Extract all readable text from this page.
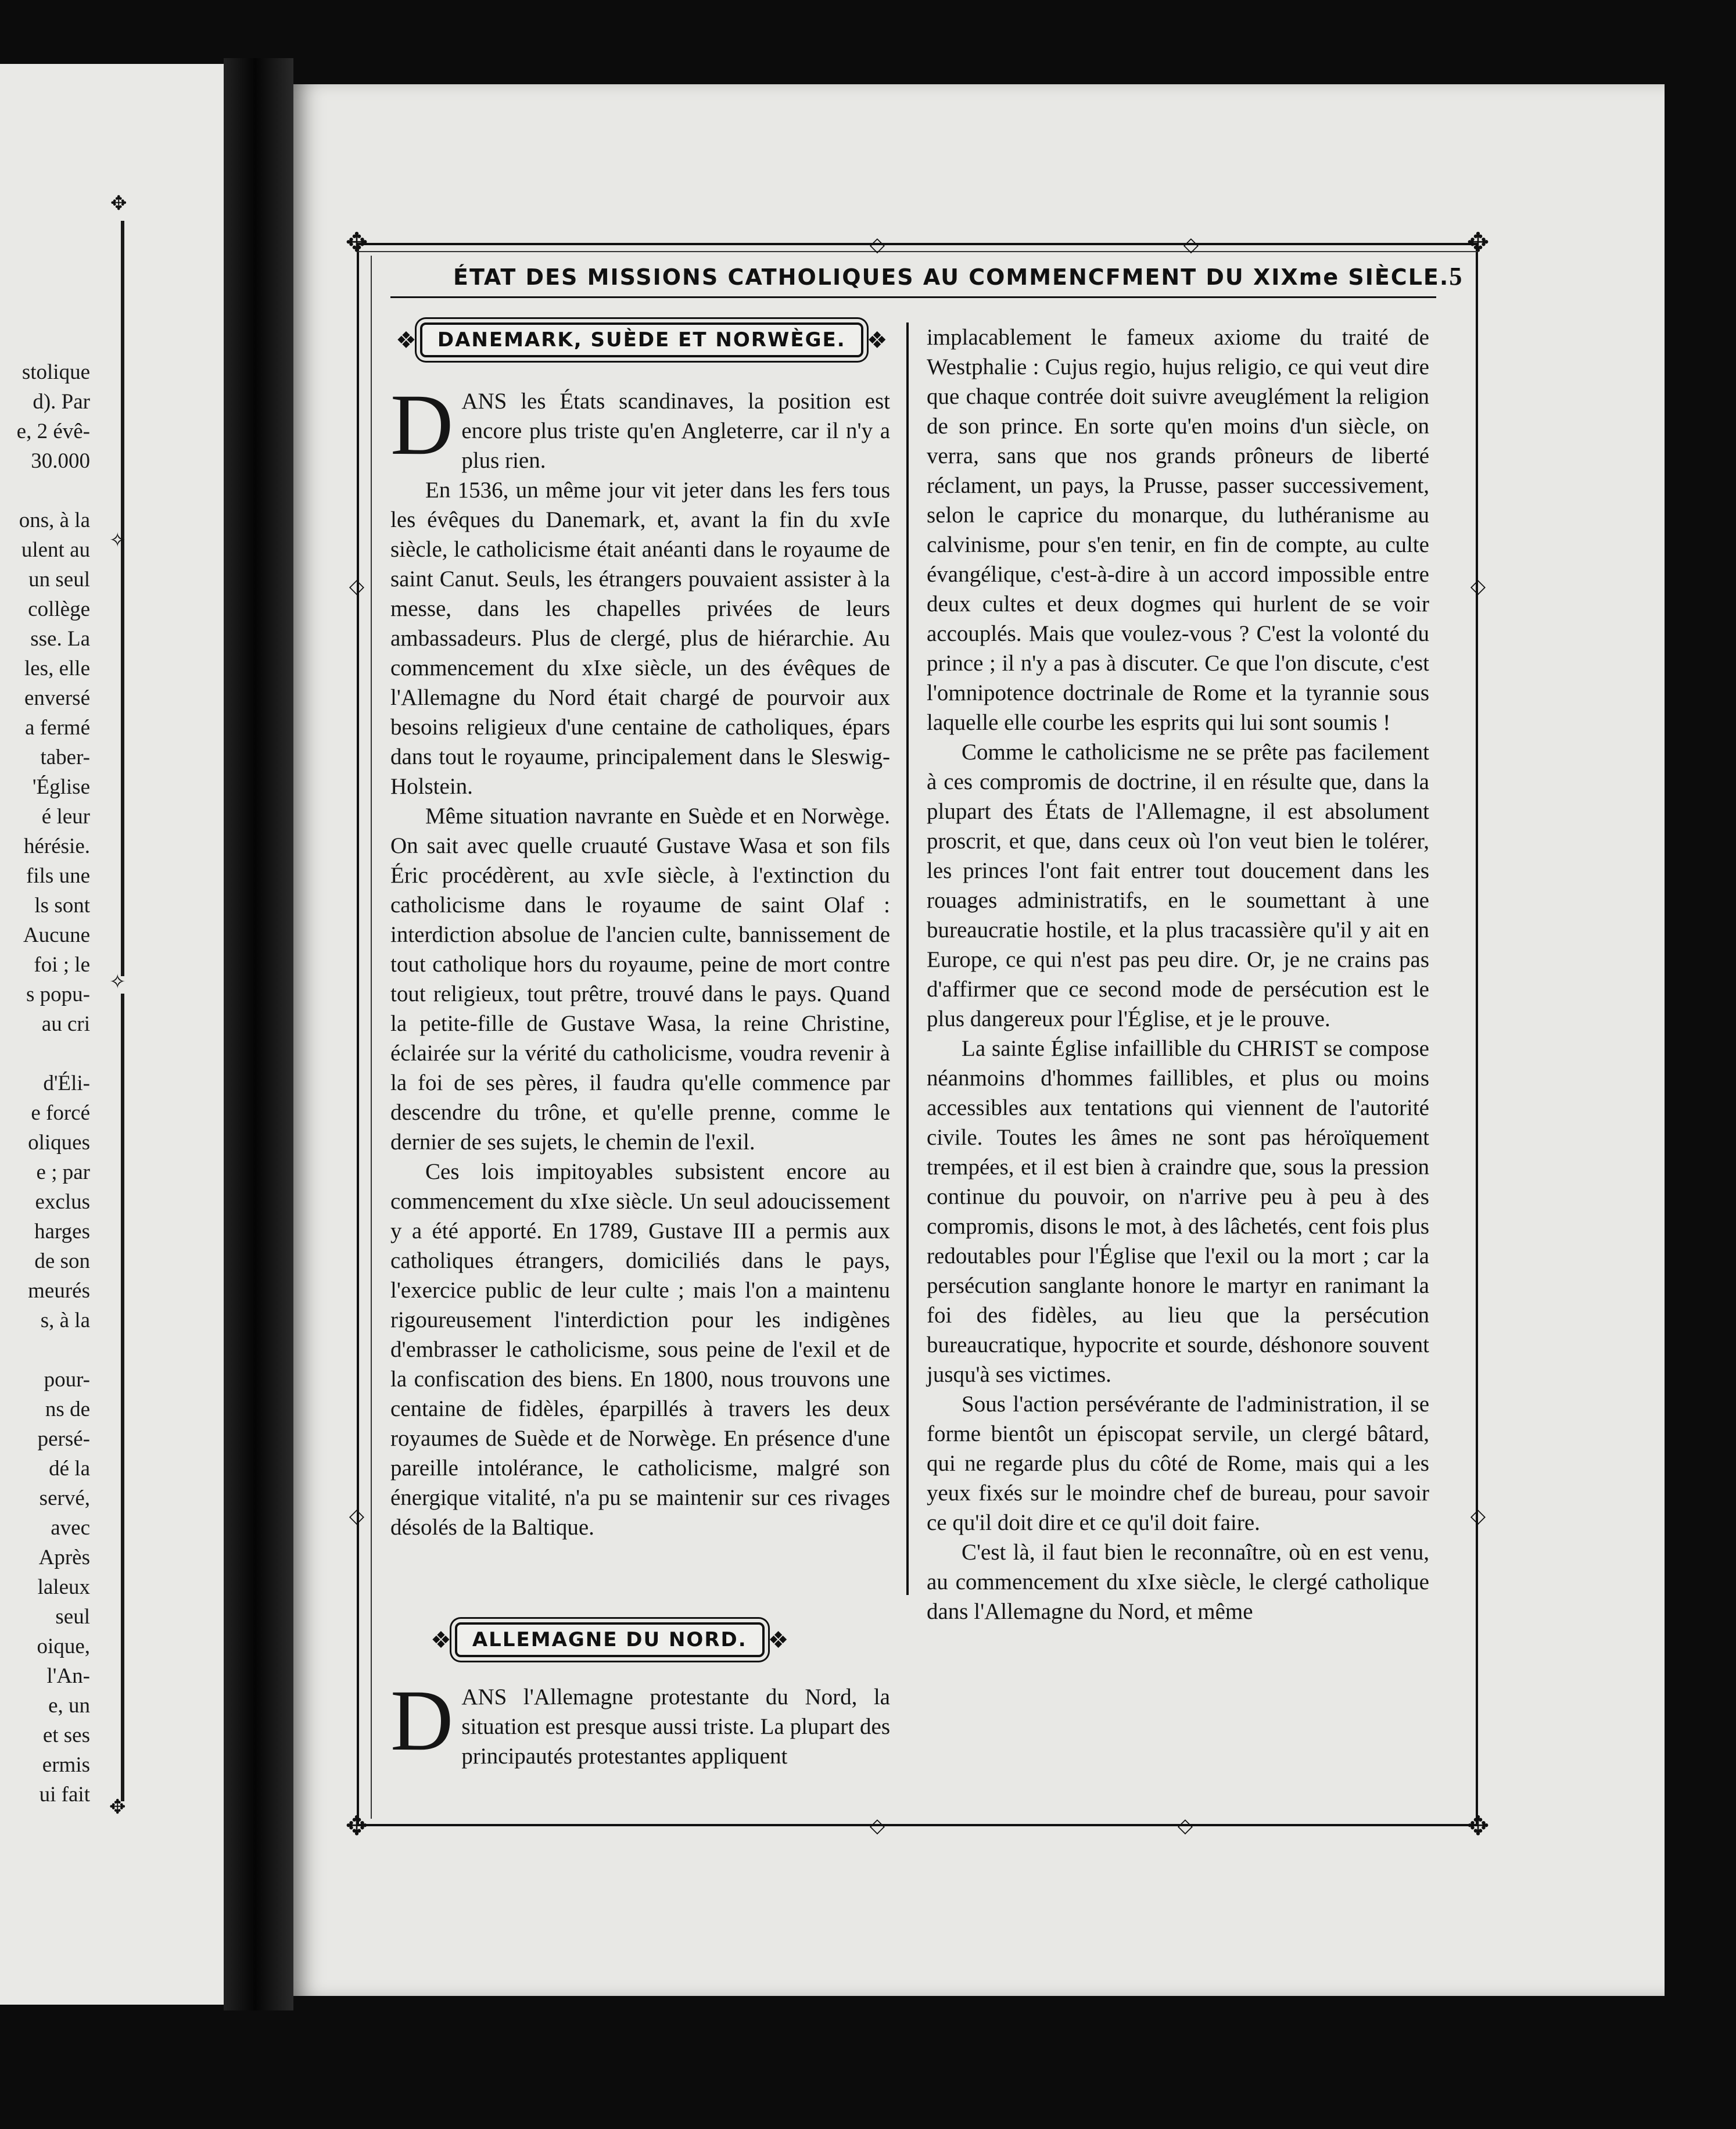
stolique
d). Par
e, 2 évê-
30.000
ons, à la
ulent au
un seul
collège
sse. La
les, elle
enversé
a fermé
taber-
'Église
é leur
hérésie.
fils une
ls sont
Aucune
foi ; le
s popu-
au cri
d'Éli-
e forcé
oliques
e ; par
exclus
harges
de son
meurés
s, à la
pour-
ns de
persé-
dé la
servé,
avec
Après
laleux
seul
oique,
l'An-
e, un
et ses
ermis
ui fait
✥
✧
✧
✥
✥	✥
✥	✥
◇	◇
◇	◇
◇
◇
◇
◇
ÉTAT DES MISSIONS CATHOLIQUES AU COMMENCFMENT DU XIXme SIÈCLE. 5
❖	DANEMARK, SUÈDE ET NORWÈGE. ❖

DANS les États scandinaves, la position est encore plus triste qu'en Angleterre, car il n'y a plus rien.

En 1536, un même jour vit jeter dans les fers tous les évêques du Danemark, et, avant la fin du xvIe siècle, le catholicisme était anéanti dans le royaume de saint Canut. Seuls, les étrangers pouvaient assister à la messe, dans les chapelles privées de leurs ambassadeurs. Plus de clergé, plus de hiérarchie. Au commencement du xIxe siècle, un des évêques de l'Allemagne du Nord était chargé de pourvoir aux besoins religieux d'une centaine de catholiques, épars dans tout le royaume, principalement dans le Sleswig-Holstein.

Même situation navrante en Suède et en Norwège. On sait avec quelle cruauté Gustave Wasa et son fils Éric procédèrent, au xvIe siècle, à l'extinction du catholicisme dans le royaume de saint Olaf : interdiction absolue de l'ancien culte, bannissement de tout catholique hors du royaume, peine de mort contre tout religieux, tout prêtre, trouvé dans le pays. Quand la petite-fille de Gustave Wasa, la reine Christine, éclairée sur la vérité du catholicisme, voudra revenir à la foi de ses pères, il faudra qu'elle commence par descendre du trône, et qu'elle prenne, comme le dernier de ses sujets, le chemin de l'exil.

Ces lois impitoyables subsistent encore au commencement du xIxe siècle. Un seul adoucissement y a été apporté. En 1789, Gustave III a permis aux catholiques étrangers, domiciliés dans le pays, l'exercice public de leur culte ; mais l'on a maintenu rigoureusement l'interdiction pour les indigènes d'embrasser le catholicisme, sous peine de l'exil et de la confiscation des biens. En 1800, nous trouvons une centaine de fidèles, éparpillés à travers les deux royaumes de Suède et de Norwège. En présence d'une pareille intolérance, le catholicisme, malgré son énergique vitalité, n'a pu se maintenir sur ces rivages désolés de la Baltique.

❖	ALLEMAGNE DU NORD. ❖

DANS l'Allemagne protestante du Nord, la situation est presque aussi triste. La plupart des principautés protestantes appliquent

implacablement le fameux axiome du traité de Westphalie : Cujus regio, hujus religio, ce qui veut dire que chaque contrée doit suivre aveuglément la religion de son prince. En sorte qu'en moins d'un siècle, on verra, sans que nos grands prôneurs de liberté réclament, un pays, la Prusse, passer successivement, selon le caprice du monarque, du luthéranisme au calvinisme, pour s'en tenir, en fin de compte, au culte évangélique, c'est-à-dire à un accord impossible entre deux cultes et deux dogmes qui hurlent de se voir accouplés. Mais que voulez-vous ? C'est la volonté du prince ; il n'y a pas à discuter. Ce que l'on discute, c'est l'omnipotence doctrinale de Rome et la tyrannie sous laquelle elle courbe les esprits qui lui sont soumis !

Comme le catholicisme ne se prête pas facilement à ces compromis de doctrine, il en résulte que, dans la plupart des États de l'Allemagne, il est absolument proscrit, et que, dans ceux où l'on veut bien le tolérer, les princes l'ont fait entrer tout doucement dans les rouages administratifs, en le soumettant à une bureaucratie hostile, et la plus tracassière qu'il y ait en Europe, ce qui n'est pas peu dire. Or, je ne crains pas d'affirmer que ce second mode de persécution est le plus dangereux pour l'Église, et je le prouve.

La sainte Église infaillible du CHRIST se compose néanmoins d'hommes faillibles, et plus ou moins accessibles aux tentations qui viennent de l'autorité civile. Toutes les âmes ne sont pas héroïquement trempées, et il est bien à craindre que, sous la pression continue du pouvoir, on n'arrive peu à peu à des compromis, disons le mot, à des lâchetés, cent fois plus redoutables pour l'Église que l'exil ou la mort ; car la persécution sanglante honore le martyr en ranimant la foi des fidèles, au lieu que la persécution bureaucratique, hypocrite et sourde, déshonore souvent jusqu'à ses victimes.

Sous l'action persévérante de l'administration, il se forme bientôt un épiscopat servile, un clergé bâtard, qui ne regarde plus du côté de Rome, mais qui a les yeux fixés sur le moindre chef de bureau, pour savoir ce qu'il doit dire et ce qu'il doit faire.

C'est là, il faut bien le reconnaître, où en est venu, au commencement du xIxe siècle, le clergé catholique dans l'Allemagne du Nord, et même
